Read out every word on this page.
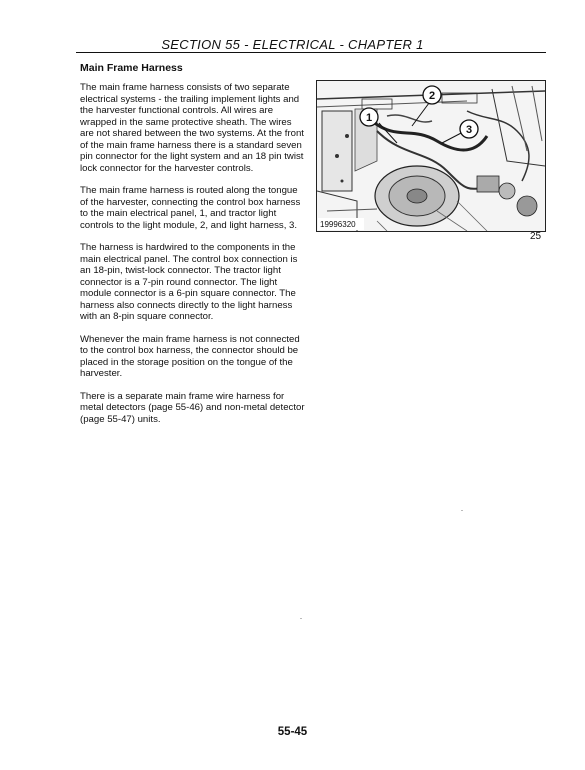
SECTION 55 - ELECTRICAL - CHAPTER 1
Main Frame Harness

The main frame harness consists of two separate electrical systems - the trailing implement lights and the harvester functional controls. All wires are wrapped in the same protective sheath. The wires are not shared between the two systems. At the front of the main frame harness there is a standard seven pin connector for the light system and an 18 pin twist lock connector for the harvester controls.

The main frame harness is routed along the tongue of the harvester, connecting the control box harness to the main electrical panel, 1, and tractor light controls to the light module, 2, and light harness, 3.

The harness is hardwired to the components in the main electrical panel. The control box connection is an 18-pin, twist-lock connector. The tractor light connector is a 7-pin round connector. The light module connector is a 6-pin square connector. The harness also connects directly to the light harness with an 8-pin square connector.

Whenever the main frame harness is not connected to the control box harness, the connector should be placed in the storage position on the tongue of the harvester.

There is a separate main frame wire harness for metal detectors (page 55-46) and non-metal detector (page 55-47) units.

1
2
3
19996320
25
55-45
